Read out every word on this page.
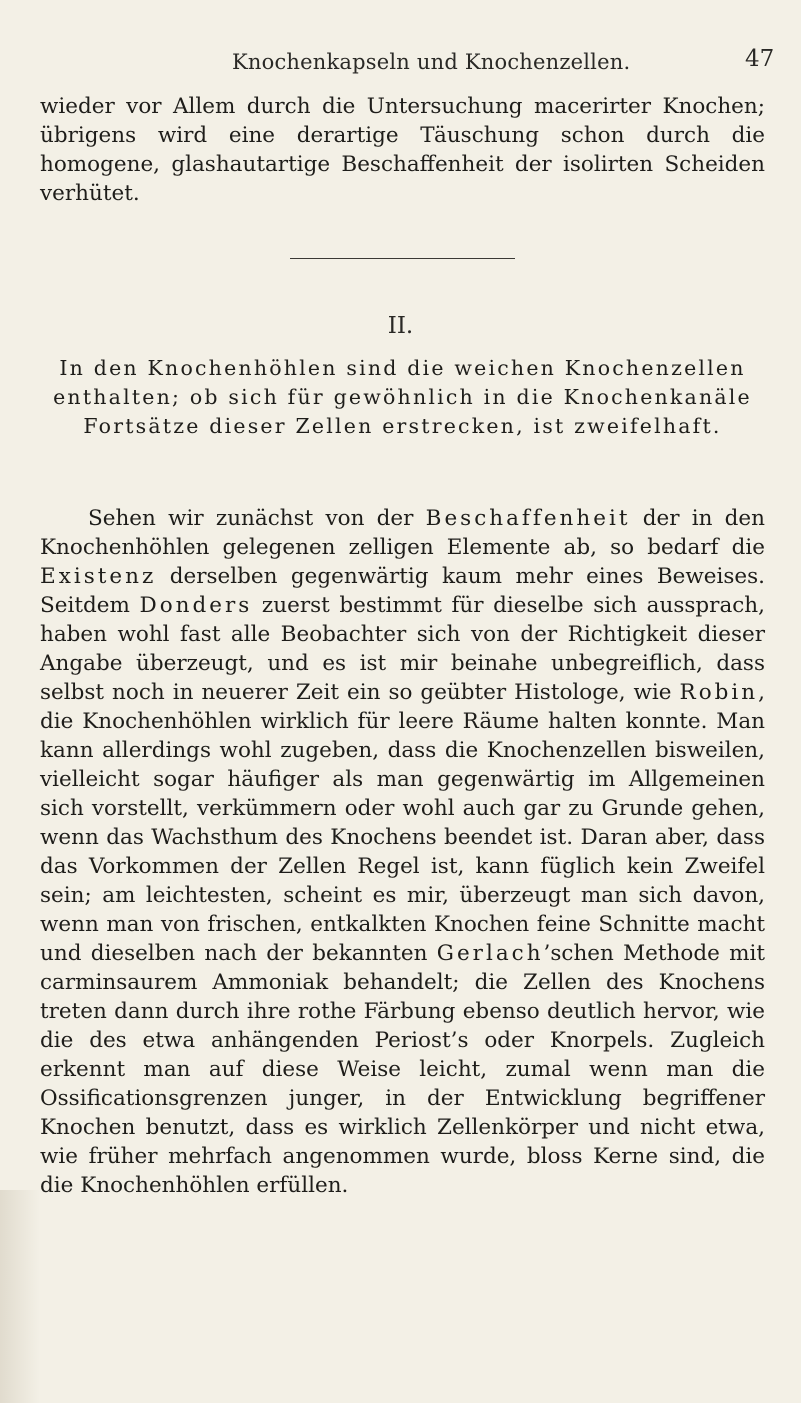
Knochenkapseln und Knochenzellen.	47

wieder vor Allem durch die Untersuchung macerirter Knochen; übrigens wird eine derartige Täuschung schon durch die homogene, glashautartige Beschaffenheit der isolirten Scheiden verhütet.

II.

In den Knochenhöhlen sind die weichen Knochenzellen enthalten; ob sich für gewöhnlich in die Knochenkanäle Fortsätze dieser Zellen erstrecken, ist zweifelhaft.

Sehen wir zunächst von der Beschaffenheit der in den Knochenhöhlen gelegenen zelligen Elemente ab, so bedarf die Existenz derselben gegenwärtig kaum mehr eines Beweises. Seitdem Donders zuerst bestimmt für dieselbe sich aussprach, haben wohl fast alle Beobachter sich von der Richtigkeit dieser Angabe überzeugt, und es ist mir beinahe unbegreiflich, dass selbst noch in neuerer Zeit ein so geübter Histologe, wie Robin, die Knochenhöhlen wirklich für leere Räume halten konnte. Man kann allerdings wohl zugeben, dass die Knochenzellen bisweilen, vielleicht sogar häufiger als man gegenwärtig im Allgemeinen sich vorstellt, verkümmern oder wohl auch gar zu Grunde gehen, wenn das Wachsthum des Knochens beendet ist. Daran aber, dass das Vorkommen der Zellen Regel ist, kann füglich kein Zweifel sein; am leichtesten, scheint es mir, überzeugt man sich davon, wenn man von frischen, entkalkten Knochen feine Schnitte macht und dieselben nach der bekannten Gerlach’schen Methode mit carminsaurem Ammoniak behandelt; die Zellen des Knochens treten dann durch ihre rothe Färbung ebenso deutlich hervor, wie die des etwa anhängenden Periost’s oder Knorpels. Zugleich erkennt man auf diese Weise leicht, zumal wenn man die Ossificationsgrenzen junger, in der Entwicklung begriffener Knochen benutzt, dass es wirklich Zellenkörper und nicht etwa, wie früher mehrfach angenommen wurde, bloss Kerne sind, die die Knochenhöhlen erfüllen.
